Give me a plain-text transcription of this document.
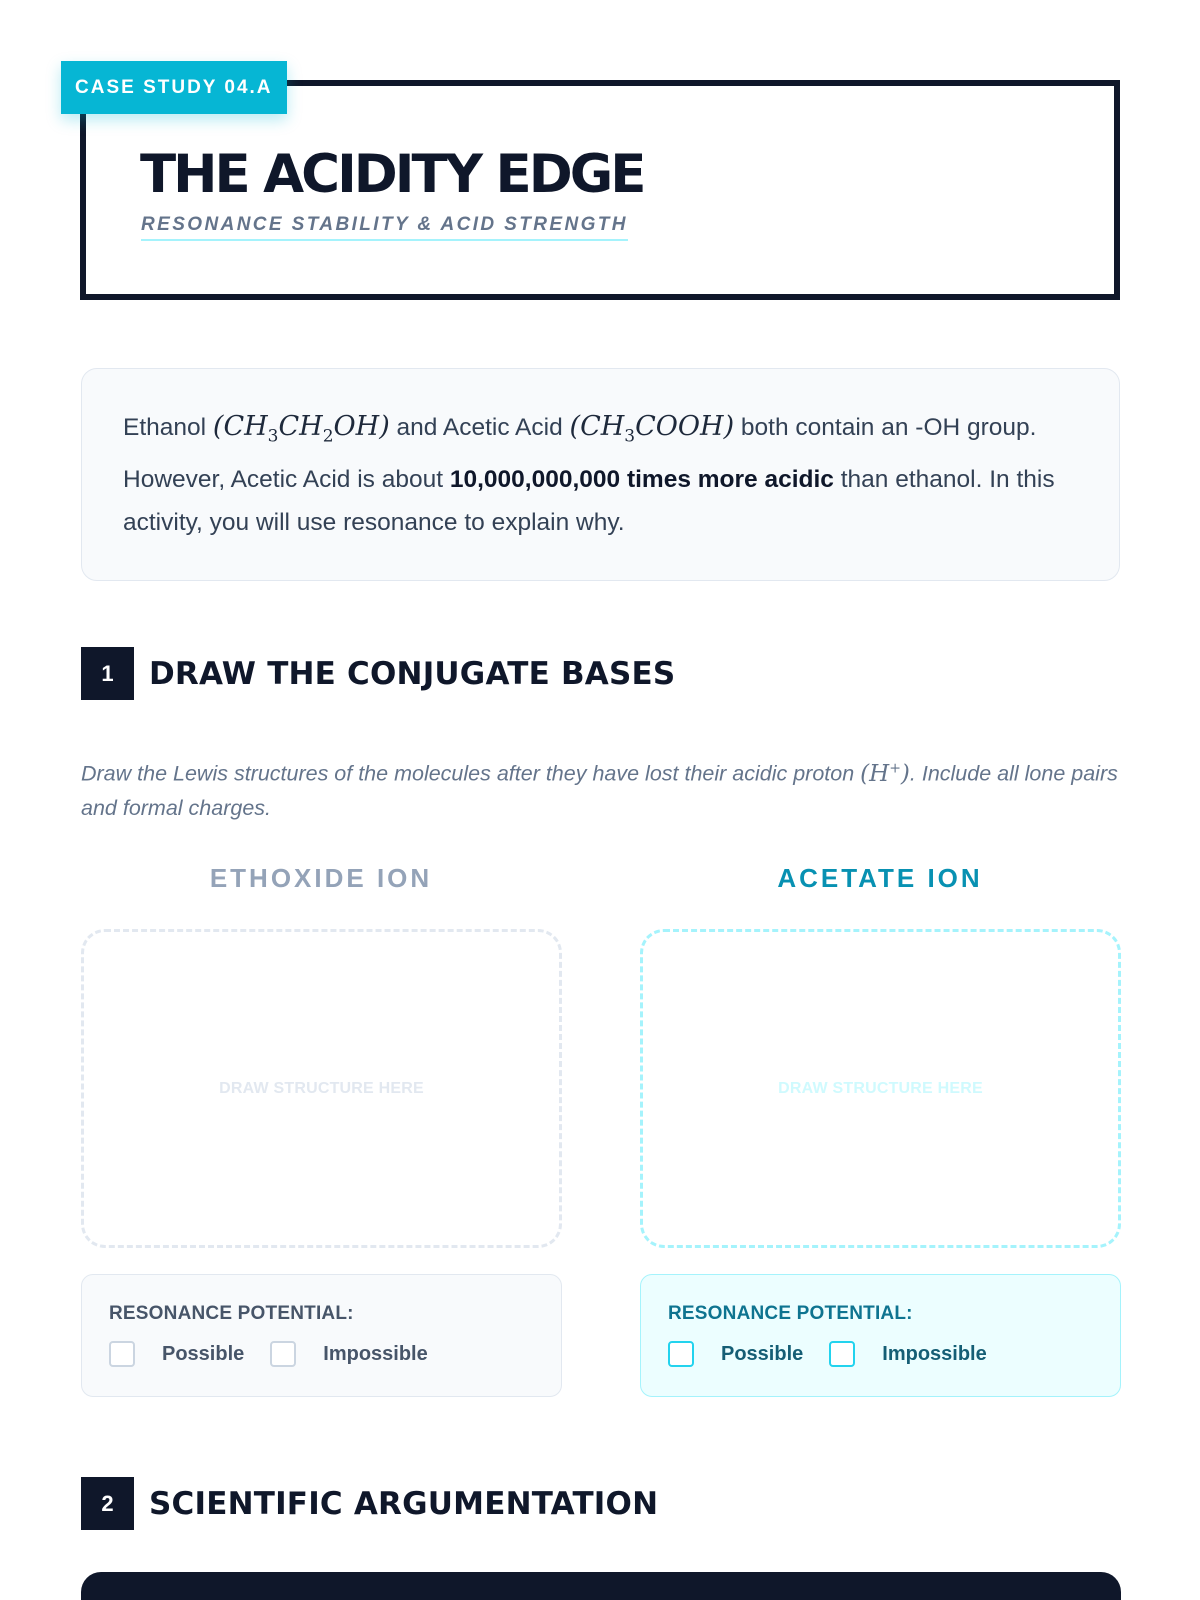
CASE STUDY 04.A
THE ACIDITY EDGE
RESONANCE STABILITY & ACID STRENGTH
Ethanol $(CH_3CH_2OH)$ and Acetic Acid $(CH_3COOH)$ both contain an -OH group. However, Acetic Acid is about 10,000,000,000 times more acidic than ethanol. In this activity, you will use resonance to explain why.
1	DRAW THE CONJUGATE BASES

Draw the Lewis structures of the molecules after they have lost their acidic proton (H+). Include all lone pairs and formal charges.

ETHOXIDE ION
DRAW STRUCTURE HERE
RESONANCE POTENTIAL:
Possible	Impossible
ACETATE ION
DRAW STRUCTURE HERE
RESONANCE POTENTIAL:
Possible	Impossible
2	SCIENTIFIC ARGUMENTATION
